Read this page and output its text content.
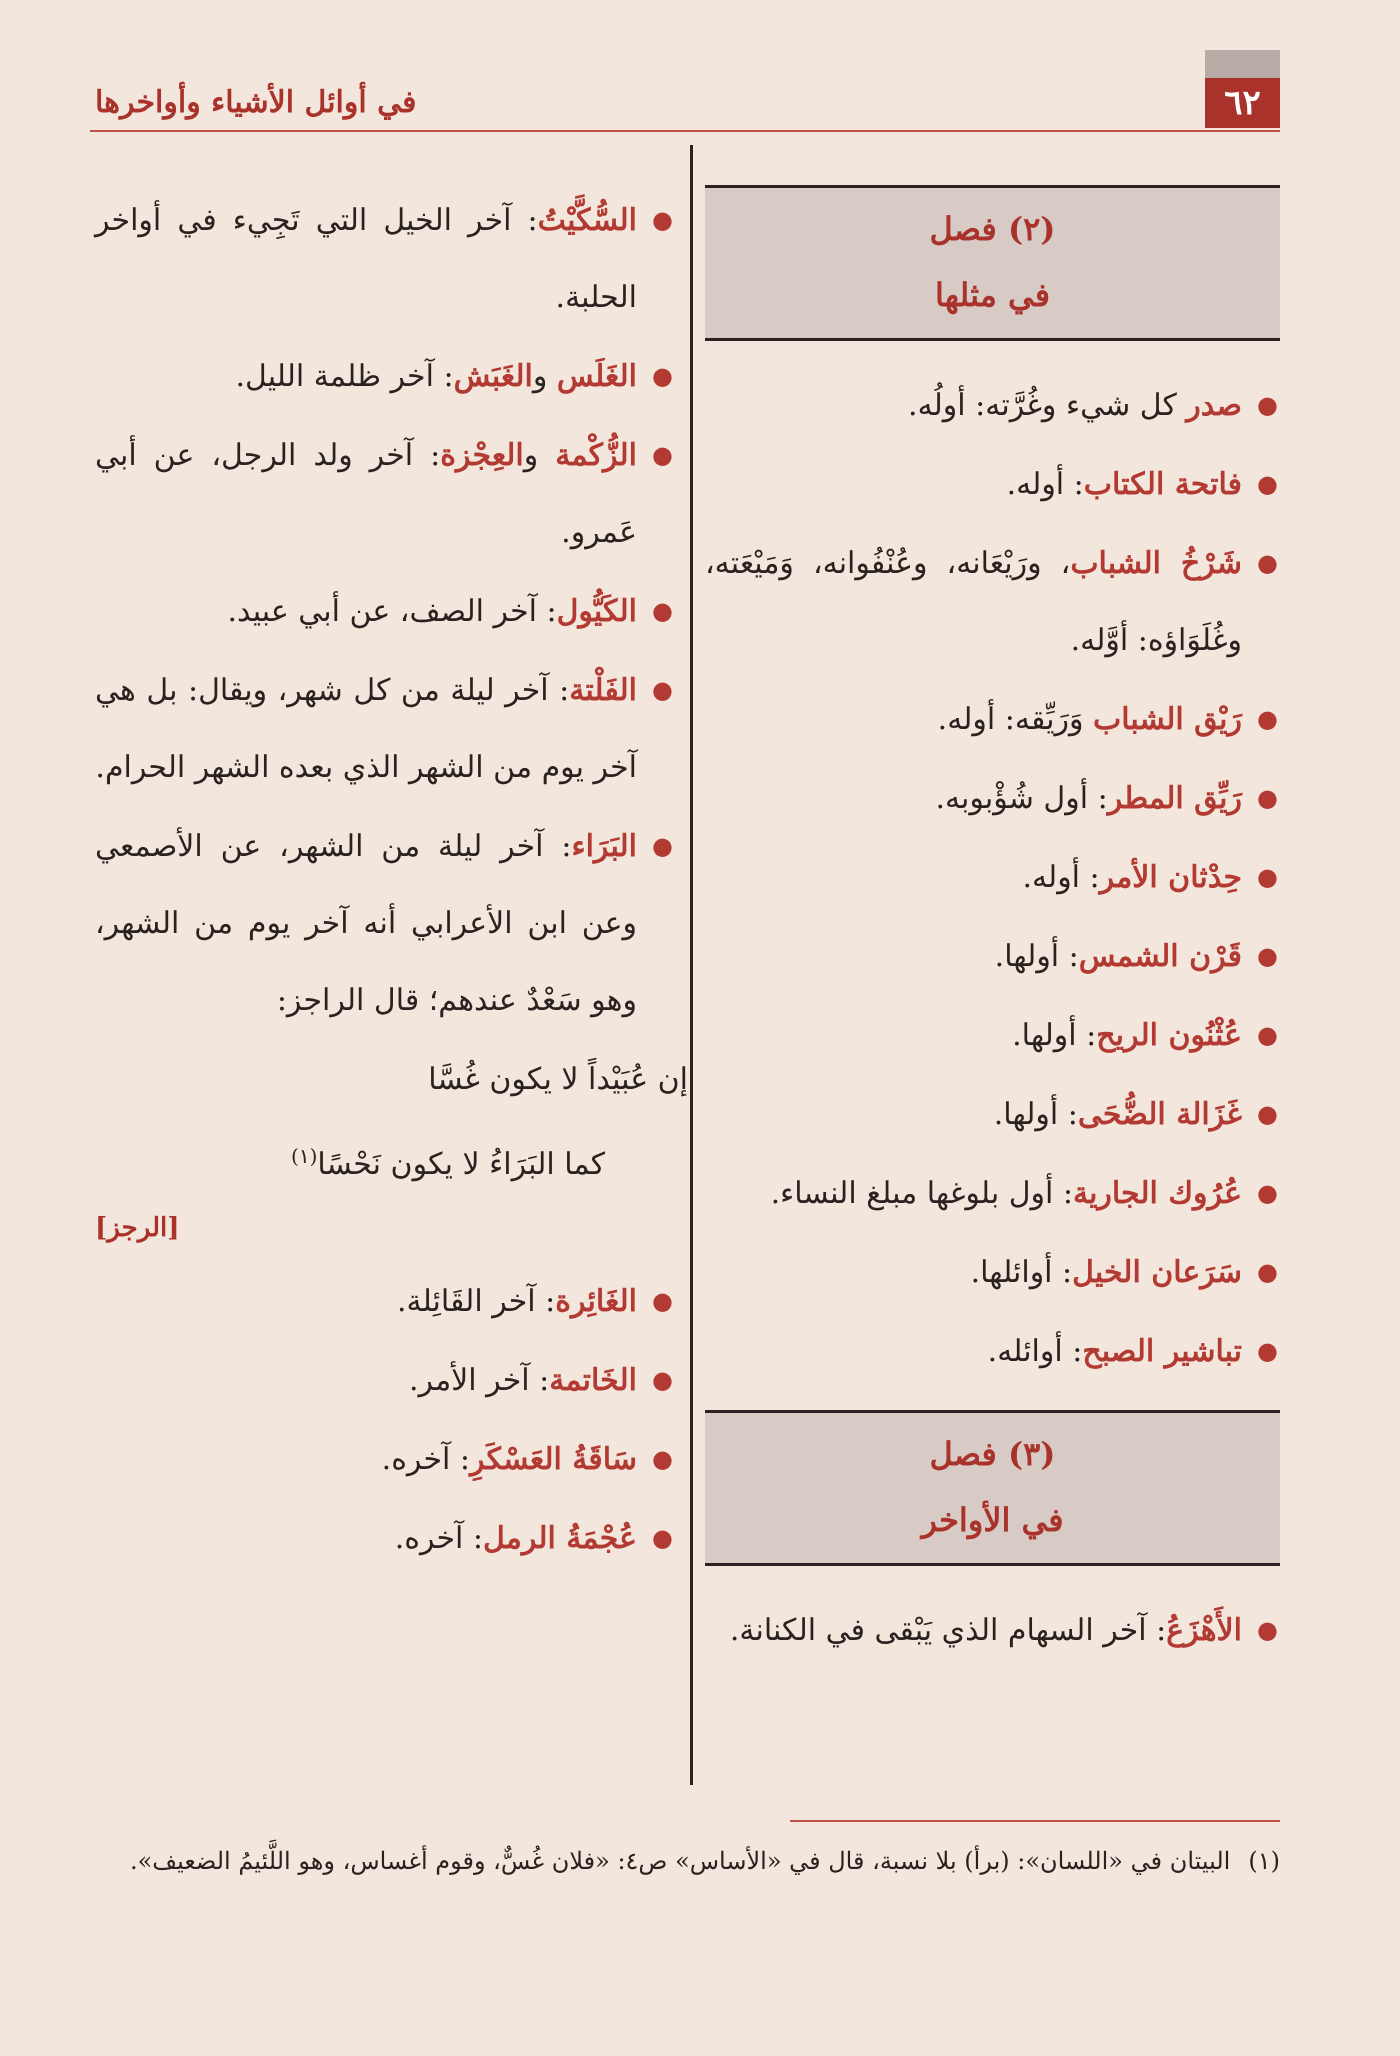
٦٢
في أوائل الأشياء وأواخرها
(٢) فصل
في مثلها
●
صدر كل شيء وغُرَّته: أولُه.
●
فاتحة الكتاب: أوله.
●
شَرْخُ الشباب، ورَيْعَانه، وعُنْفُوانه، وَمَيْعَته، وغُلَوَاؤه: أوَّله.
●
رَيْق الشباب وَرَيِّقه: أوله.
●
رَيِّق المطر: أول شُؤْبوبه.
●
حِدْثان الأمر: أوله.
●
قَرْن الشمس: أولها.
●
عُثْنُون الريح: أولها.
●
غَزَالة الضُّحَى: أولها.
●
عُرُوك الجارية: أول بلوغها مبلغ النساء.
●
سَرَعان الخيل: أوائلها.
●
تباشير الصبح: أوائله.
(٣) فصل
في الأواخر
●
الأَهْزَعُ: آخر السهام الذي يَبْقى في الكنانة.
●
السُّكَّيْتُ: آخر الخيل التي تَجِيء في أواخر الحلبة.
●
الغَلَس والغَبَش: آخر ظلمة الليل.
●
الزُّكْمة والعِجْزة: آخر ولد الرجل، عن أبي عَمرو.
●
الكَيُّول: آخر الصف، عن أبي عبيد.
●
الفَلْتة: آخر ليلة من كل شهر، ويقال: بل هي آخر يوم من الشهر الذي بعده الشهر الحرام.
●
البَرَاء: آخر ليلة من الشهر، عن الأصمعي وعن ابن الأعرابي أنه آخر يوم من الشهر، وهو سَعْدٌ عندهم؛ قال الراجز:
إن عُبَيْداً لا يكون غُسَّا
كما البَرَاءُ لا يكون نَحْسًا$^{(١)}$
[الرجز]
●
الغَائِرة: آخر القَائِلة.
●
الخَاتمة: آخر الأمر.
●
سَاقَةُ العَسْكَرِ: آخره.
●
عُجْمَةُ الرمل: آخره.
(١)البيتان في «اللسان»: (برأ) بلا نسبة، قال في «الأساس» ص٤: «فلان غُسٌّ، وقوم أغساس، وهو اللَّئيمُ الضعيف».
